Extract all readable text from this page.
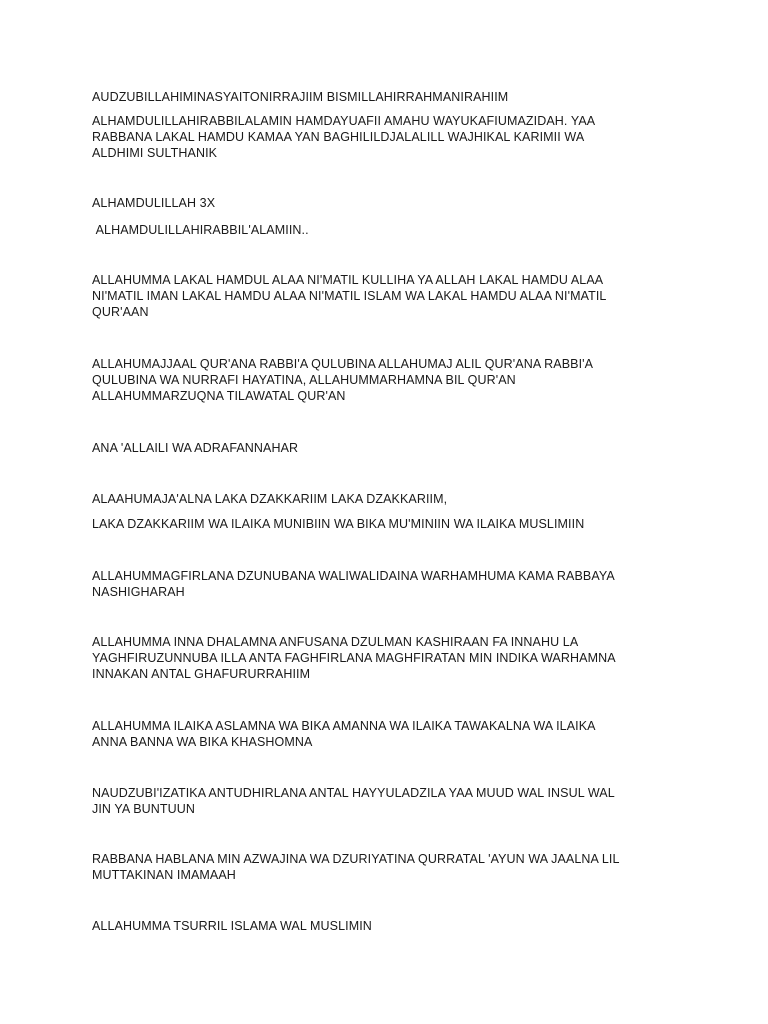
AUDZUBILLAHIMINASYAITONIRRAJIIM BISMILLAHIRRAHMANIRAHIIM

ALHAMDULILLAHIRABBILALAMIN HAMDAYUAFII AMAHU WAYUKAFIUMAZIDAH. YAA
RABBANA LAKAL HAMDU KAMAA YAN BAGHILILDJALALILL WAJHIKAL KARIMII WA
ALDHIMI SULTHANIK

ALHAMDULILLAH 3X

ALHAMDULILLAHIRABBIL'ALAMIIN..

ALLAHUMMA LAKAL HAMDUL ALAA NI'MATIL KULLIHA YA ALLAH LAKAL HAMDU ALAA
NI'MATIL IMAN LAKAL HAMDU ALAA NI'MATIL ISLAM WA LAKAL HAMDU ALAA NI'MATIL
QUR'AAN

ALLAHUMAJJAAL QUR'ANA RABBI'A QULUBINA ALLAHUMAJ ALIL QUR'ANA RABBI'A
QULUBINA WA NURRAFI HAYATINA, ALLAHUMMARHAMNA BIL QUR'AN
ALLAHUMMARZUQNA TILAWATAL QUR'AN

ANA 'ALLAILI WA ADRAFANNAHAR

ALAAHUMAJA'ALNA LAKA DZAKKARIIM LAKA DZAKKARIIM,

LAKA DZAKKARIIM WA ILAIKA MUNIBIIN WA BIKA MU'MINIIN WA ILAIKA MUSLIMIIN

ALLAHUMMAGFIRLANA DZUNUBANA WALIWALIDAINA WARHAMHUMA KAMA RABBAYA
NASHIGHARAH

ALLAHUMMA INNA DHALAMNA ANFUSANA DZULMAN KASHIRAAN FA INNAHU LA
YAGHFIRUZUNNUBA ILLA ANTA FAGHFIRLANA MAGHFIRATAN MIN INDIKA WARHAMNA
INNAKAN ANTAL GHAFURURRAHIIM

ALLAHUMMA ILAIKA ASLAMNA WA BIKA AMANNA WA ILAIKA TAWAKALNA WA ILAIKA
ANNA BANNA WA BIKA KHASHOMNA

NAUDZUBI'IZATIKA ANTUDHIRLANA ANTAL HAYYULADZILA YAA MUUD WAL INSUL WAL
JIN YA BUNTUUN

RABBANA HABLANA MIN AZWAJINA WA DZURIYATINA QURRATAL 'AYUN WA JAALNA LIL
MUTTAKINAN IMAMAAH

ALLAHUMMA TSURRIL ISLAMA WAL MUSLIMIN
